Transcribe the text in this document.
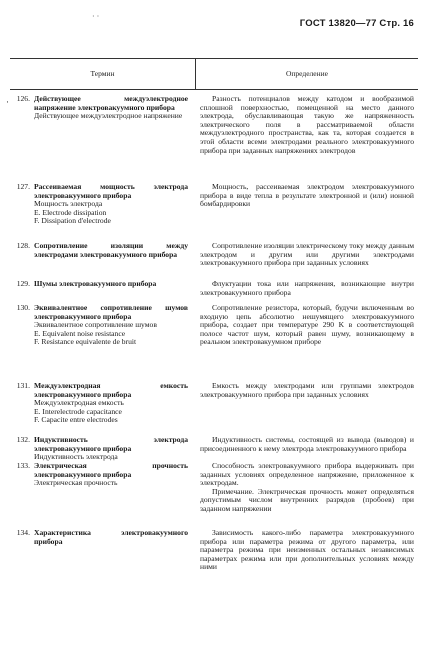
· ·
ГОСТ 13820—77 Стр. 16
·
Термин	Определение
126. Действующее междуэлектродное напряжение электровакуумного прибора
Действующее междуэлектродное напряжение

Разность потенциалов между катодом и вообразимой сплошной поверхностью, помещенной на место данного электрода, обуславливающая такую же напряженность электрического поля в рассматриваемой области междуэлектродного пространства, как та, которая создается в этой области всеми электродами реального электровакуумного прибора при заданных напряжениях электродов

127. Рассеиваемая мощность электрода электровакуумного прибора
Мощность электрода
E. Electrode dissipation
F. Dissipation d'electrode

Мощность, рассеиваемая электродом электровакуумного прибора в виде тепла в результате электронной и (или) ионной бомбардировки

128. Сопротивление изоляции между электродами электровакуумного прибора

Сопротивление изоляции электрическому току между данным электродом и другим или другими электродами электровакуумного прибора при заданных условиях

129. Шумы электровакуумного прибора	Флуктуации тока или напряжения, возникающие внутри электровакуумного прибора

130. Эквивалентное сопротивление шумов электровакуумного прибора
Эквивалентное сопротивление шумов
E. Equivalent noise resistance
F. Resistance equivalente de bruit

Сопротивление резистора, который, будучи включенным во входную цепь абсолютно нешумящего электровакуумного прибора, создает при температуре 290 K в соответствующей полосе частот шум, который равен шуму, возникающему в реальном электровакуумном приборе

131. Междуэлектродная емкость электровакуумного прибора
Междуэлектродная емкость
E. Interelectrode capacitance
F. Capacite entre electrodes

Емкость между электродами или группами электродов электровакуумного прибора при заданных условиях

132. Индуктивность электрода электровакуумного прибора
Индуктивность электрода

Индуктивность системы, состоящей из вывода (выводов) и присоединенного к нему электрода электровакуумного прибора

133. Электрическая прочность электровакуумного прибора
Электрическая прочность

Способность электровакуумного прибора выдерживать при заданных условиях определенное напряжение, приложенное к электродам.

Примечание. Электрическая прочность может определяться допустимым числом внутренних разрядов (пробоев) при заданном напряжении

134. Характеристика электровакуумного прибора

Зависимость какого-либо параметра электровакуумного прибора или параметра режима от другого параметра, или параметра режима при неизменных остальных независимых параметрах режима или при дополнительных условиях между ними
